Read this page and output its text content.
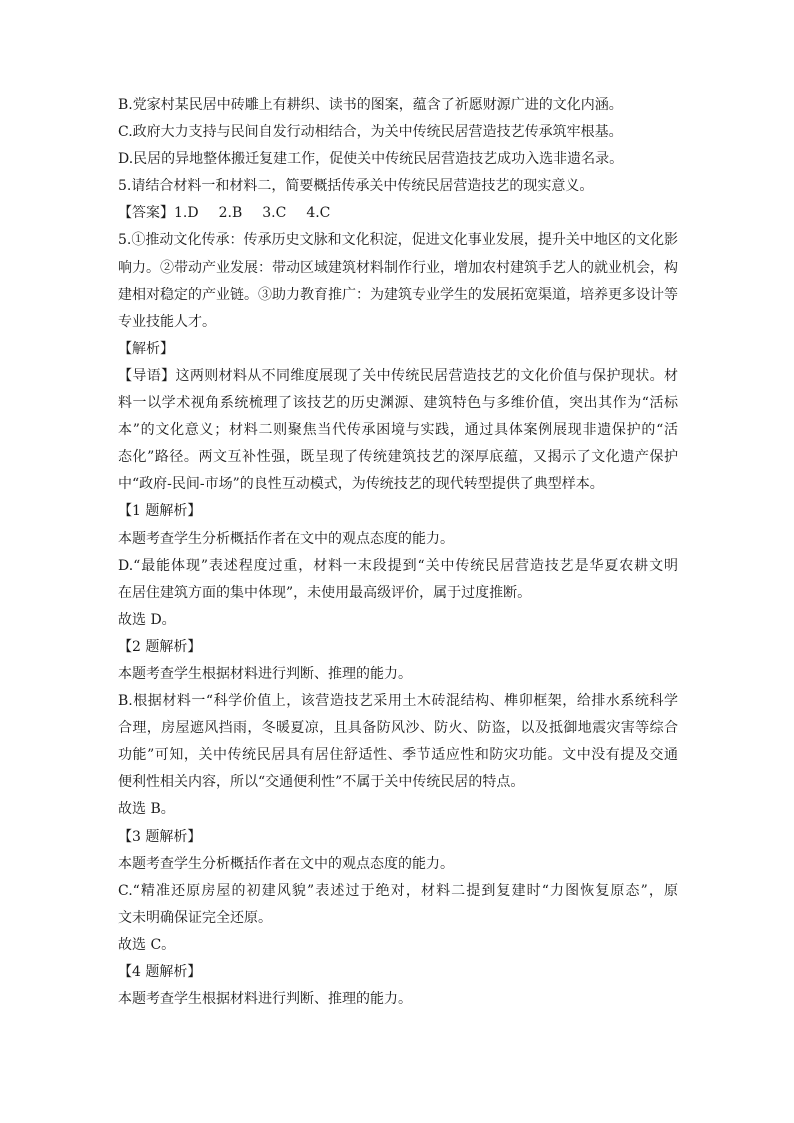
B.党家村某民居中砖雕上有耕织、读书的图案，蕴含了祈愿财源广进的文化内涵。
C.政府大力支持与民间自发行动相结合，为关中传统民居营造技艺传承筑牢根基。
D.民居的异地整体搬迁复建工作，促使关中传统民居营造技艺成功入选非遗名录。
5.请结合材料一和材料二，简要概括传承关中传统民居营造技艺的现实意义。
【答案】1.D 2.B 3.C 4.C
5.①推动文化传承：传承历史文脉和文化积淀，促进文化事业发展，提升关中地区的文化影
响力。②带动产业发展：带动区域建筑材料制作行业，增加农村建筑手艺人的就业机会，构
建相对稳定的产业链。③助力教育推广：为建筑专业学生的发展拓宽渠道，培养更多设计等
专业技能人才。
【解析】
【导语】这两则材料从不同维度展现了关中传统民居营造技艺的文化价值与保护现状。材
料一以学术视角系统梳理了该技艺的历史渊源、建筑特色与多维价值，突出其作为“活标
本”的文化意义；材料二则聚焦当代传承困境与实践，通过具体案例展现非遗保护的“活
态化”路径。两文互补性强，既呈现了传统建筑技艺的深厚底蕴，又揭示了文化遗产保护
中“政府-民间-市场”的良性互动模式，为传统技艺的现代转型提供了典型样本。
【1 题解析】
本题考查学生分析概括作者在文中的观点态度的能力。
D.“最能体现”表述程度过重，材料一末段提到“关中传统民居营造技艺是华夏农耕文明
在居住建筑方面的集中体现”，未使用最高级评价，属于过度推断。
故选 D。
【2 题解析】
本题考查学生根据材料进行判断、推理的能力。
B.根据材料一“科学价值上，该营造技艺采用土木砖混结构、榫卯框架，给排水系统科学
合理，房屋遮风挡雨，冬暖夏凉，且具备防风沙、防火、防盗，以及抵御地震灾害等综合
功能”可知，关中传统民居具有居住舒适性、季节适应性和防灾功能。文中没有提及交通
便利性相关内容，所以“交通便利性”不属于关中传统民居的特点。
故选 B。
【3 题解析】
本题考查学生分析概括作者在文中的观点态度的能力。
C.“精准还原房屋的初建风貌”表述过于绝对，材料二提到复建时“力图恢复原态”，原
文未明确保证完全还原。
故选 C。
【4 题解析】
本题考查学生根据材料进行判断、推理的能力。
